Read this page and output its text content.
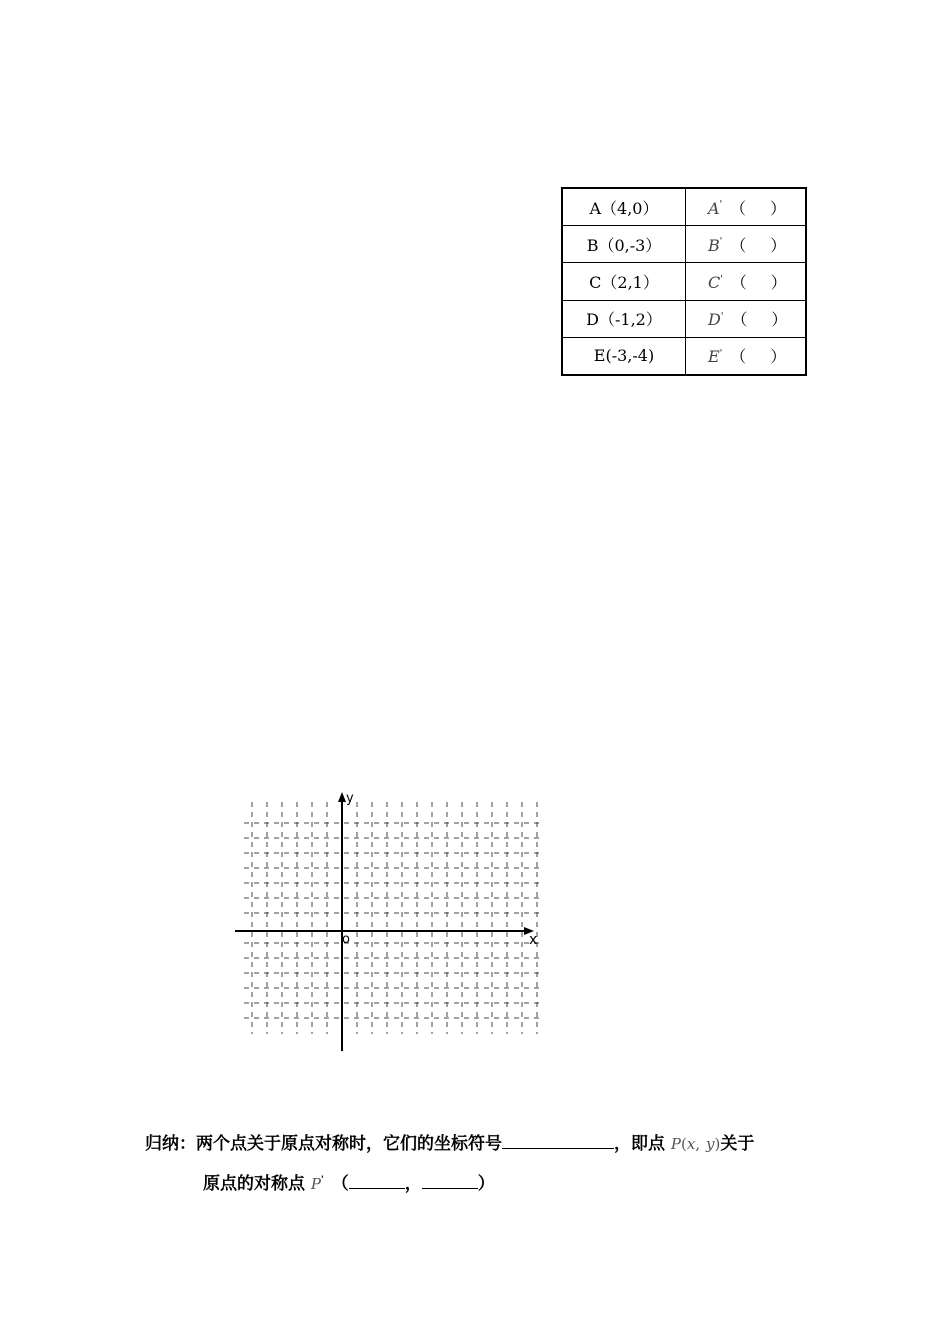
A（4,0）	A' （ ）
B（0,-3）	B' （ ）
C（2,1）	C' （ ）
D（-1,2）	D' （ ）
E(-3,-4)	E' （ ）
y
x
o
归纳：两个点关于原点对称时，它们的坐标符号	，即点 P(x, y)关于
原点的对称点 P' （	，	）
